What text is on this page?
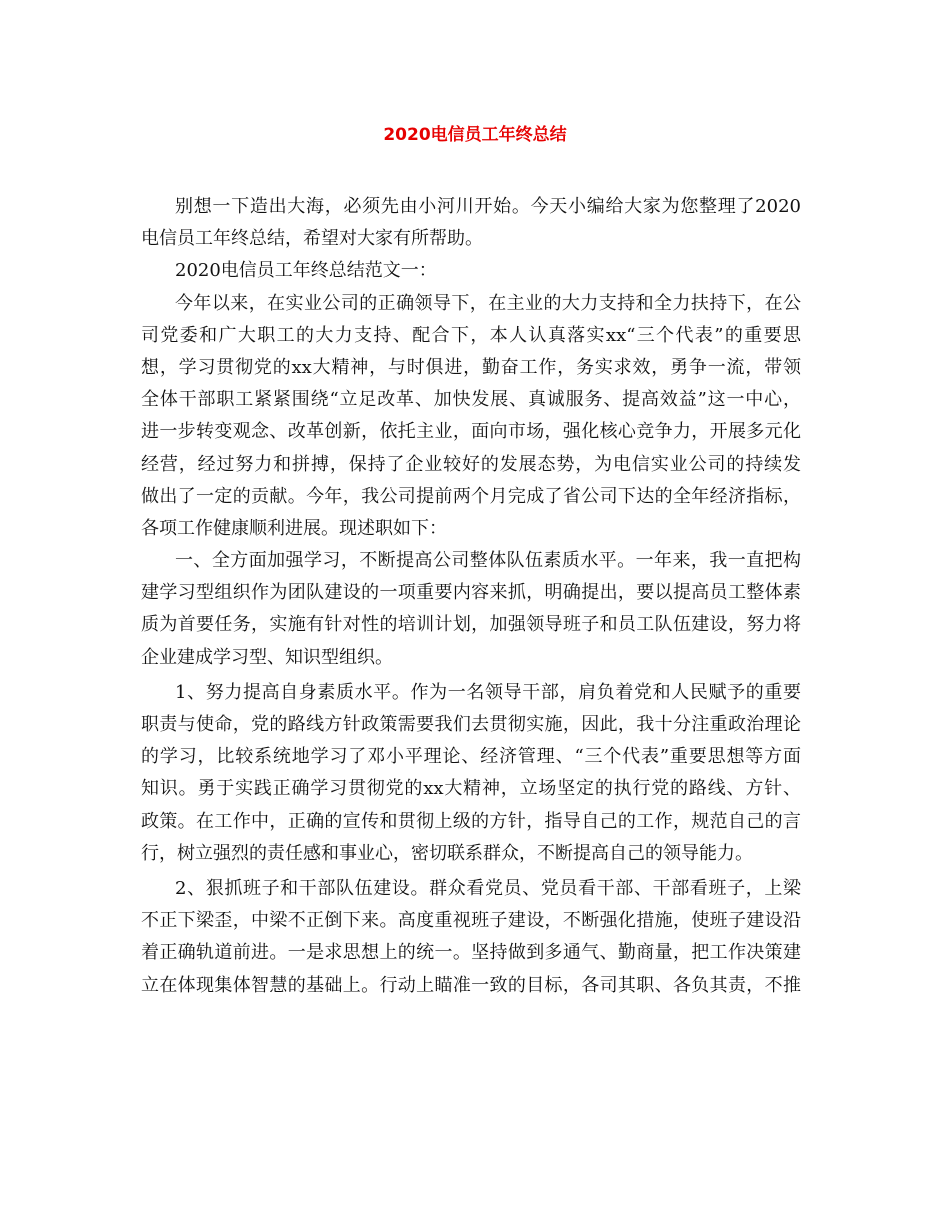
2020电信员工年终总结
别想一下造出大海，必须先由小河川开始。今天小编给大家为您整理了2020
电信员工年终总结，希望对大家有所帮助。
2020电信员工年终总结范文一：
今年以来，在实业公司的正确领导下，在主业的大力支持和全力扶持下，在公
司党委和广大职工的大力支持、配合下，本人认真落实xx“三个代表”的重要思
想，学习贯彻党的xx大精神，与时俱进，勤奋工作，务实求效，勇争一流，带领
全体干部职工紧紧围绕“立足改革、加快发展、真诚服务、提高效益”这一中心，
进一步转变观念、改革创新，依托主业，面向市场，强化核心竞争力，开展多元化
经营，经过努力和拼搏，保持了企业较好的发展态势，为电信实业公司的持续发
做出了一定的贡献。今年，我公司提前两个月完成了省公司下达的全年经济指标，
各项工作健康顺利进展。现述职如下：
一、全方面加强学习，不断提高公司整体队伍素质水平。一年来，我一直把构
建学习型组织作为团队建设的一项重要内容来抓，明确提出，要以提高员工整体素
质为首要任务，实施有针对性的培训计划，加强领导班子和员工队伍建设，努力将
企业建成学习型、知识型组织。
1、努力提高自身素质水平。作为一名领导干部，肩负着党和人民赋予的重要
职责与使命，党的路线方针政策需要我们去贯彻实施，因此，我十分注重政治理论
的学习，比较系统地学习了邓小平理论、经济管理、“三个代表”重要思想等方面
知识。勇于实践正确学习贯彻党的xx大精神，立场坚定的执行党的路线、方针、
政策。在工作中，正确的宣传和贯彻上级的方针，指导自己的工作，规范自己的言
行，树立强烈的责任感和事业心，密切联系群众，不断提高自己的领导能力。
2、狠抓班子和干部队伍建设。群众看党员、党员看干部、干部看班子，上梁
不正下梁歪，中梁不正倒下来。高度重视班子建设，不断强化措施，使班子建设沿
着正确轨道前进。一是求思想上的统一。坚持做到多通气、勤商量，把工作决策建
立在体现集体智慧的基础上。行动上瞄准一致的目标，各司其职、各负其责，不推
